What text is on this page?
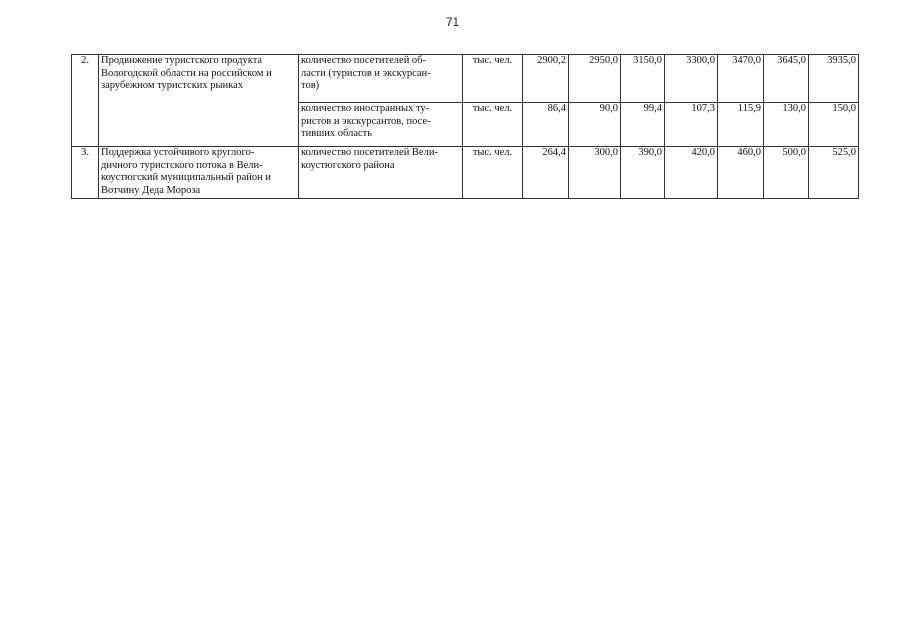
71
2.	Продвижение туристского продукта
Вологодской области на российском и
зарубежном туристских рынках	количество посетителей об-
ласти (туристов и экскурсан-
тов)	тыс. чел.	2900,2	2950,0	3150,0	3300,0	3470,0	3645,0	3935,0
		количество иностранных ту-
ристов и экскурсантов, посе-
тивших область	тыс. чел.	86,4	90,0	99,4	107,3	115,9	130,0	150,0
3.	Поддержка устойчивого круглого-
дичного туристского потока в Вели-
коустюгский муниципальный район и
Вотчину Деда Мороза	количество посетителей Вели-
коустюгского района	тыс. чел.	264,4	300,0	390,0	420,0	460,0	500,0	525,0
